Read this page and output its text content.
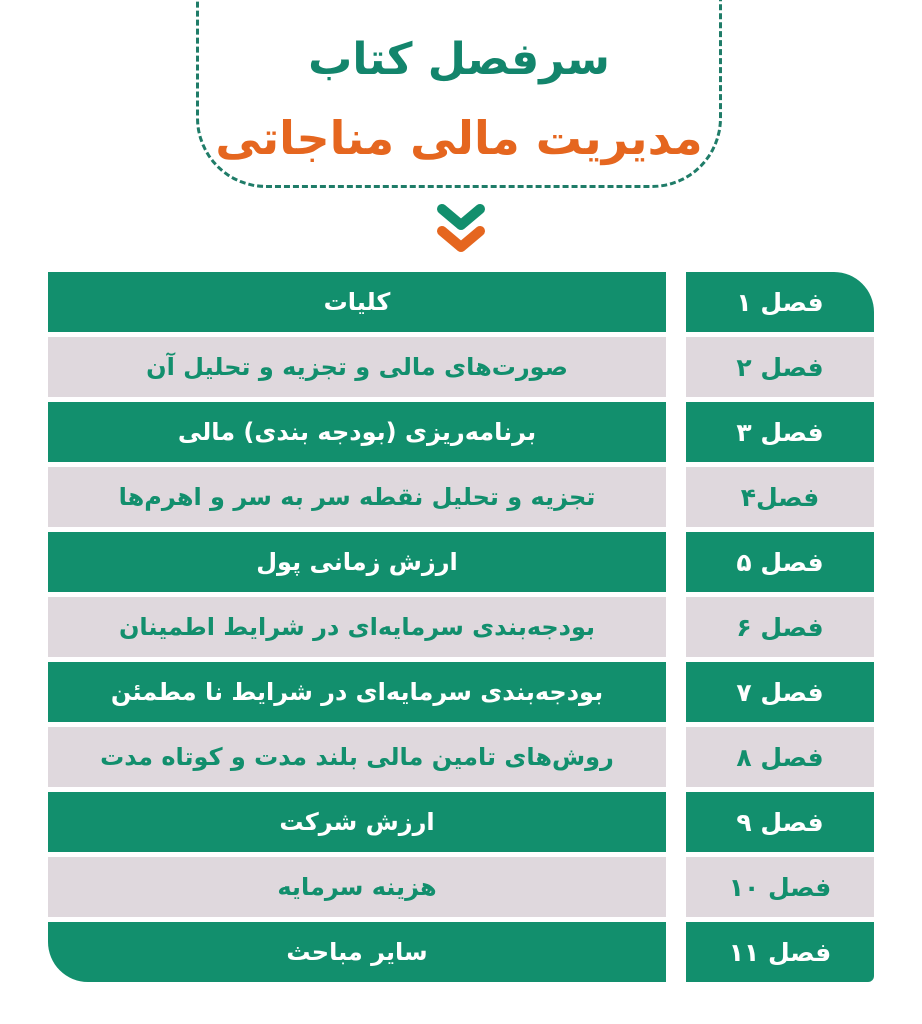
سرفصل کتاب
مدیریت مالی مناجاتی
کلیات	فصل ۱
صورت‌های مالی و تجزیه و تحلیل آن	فصل ۲
برنامه‌ریزی (بودجه بندی) مالی	فصل ۳
تجزیه و تحلیل نقطه سر به سر و اهرم‌ها	فصل۴
ارزش زمانی پول	فصل ۵
بودجه‌بندی سرمایه‌ای در شرایط اطمینان	فصل ۶
بودجه‌بندی سرمایه‌ای در شرایط نا مطمئن	فصل ۷
روش‌های تامین مالی بلند مدت و کوتاه مدت	فصل ۸
ارزش شرکت	فصل ۹
هزینه سرمایه	فصل ۱۰
سایر مباحث	فصل ۱۱
